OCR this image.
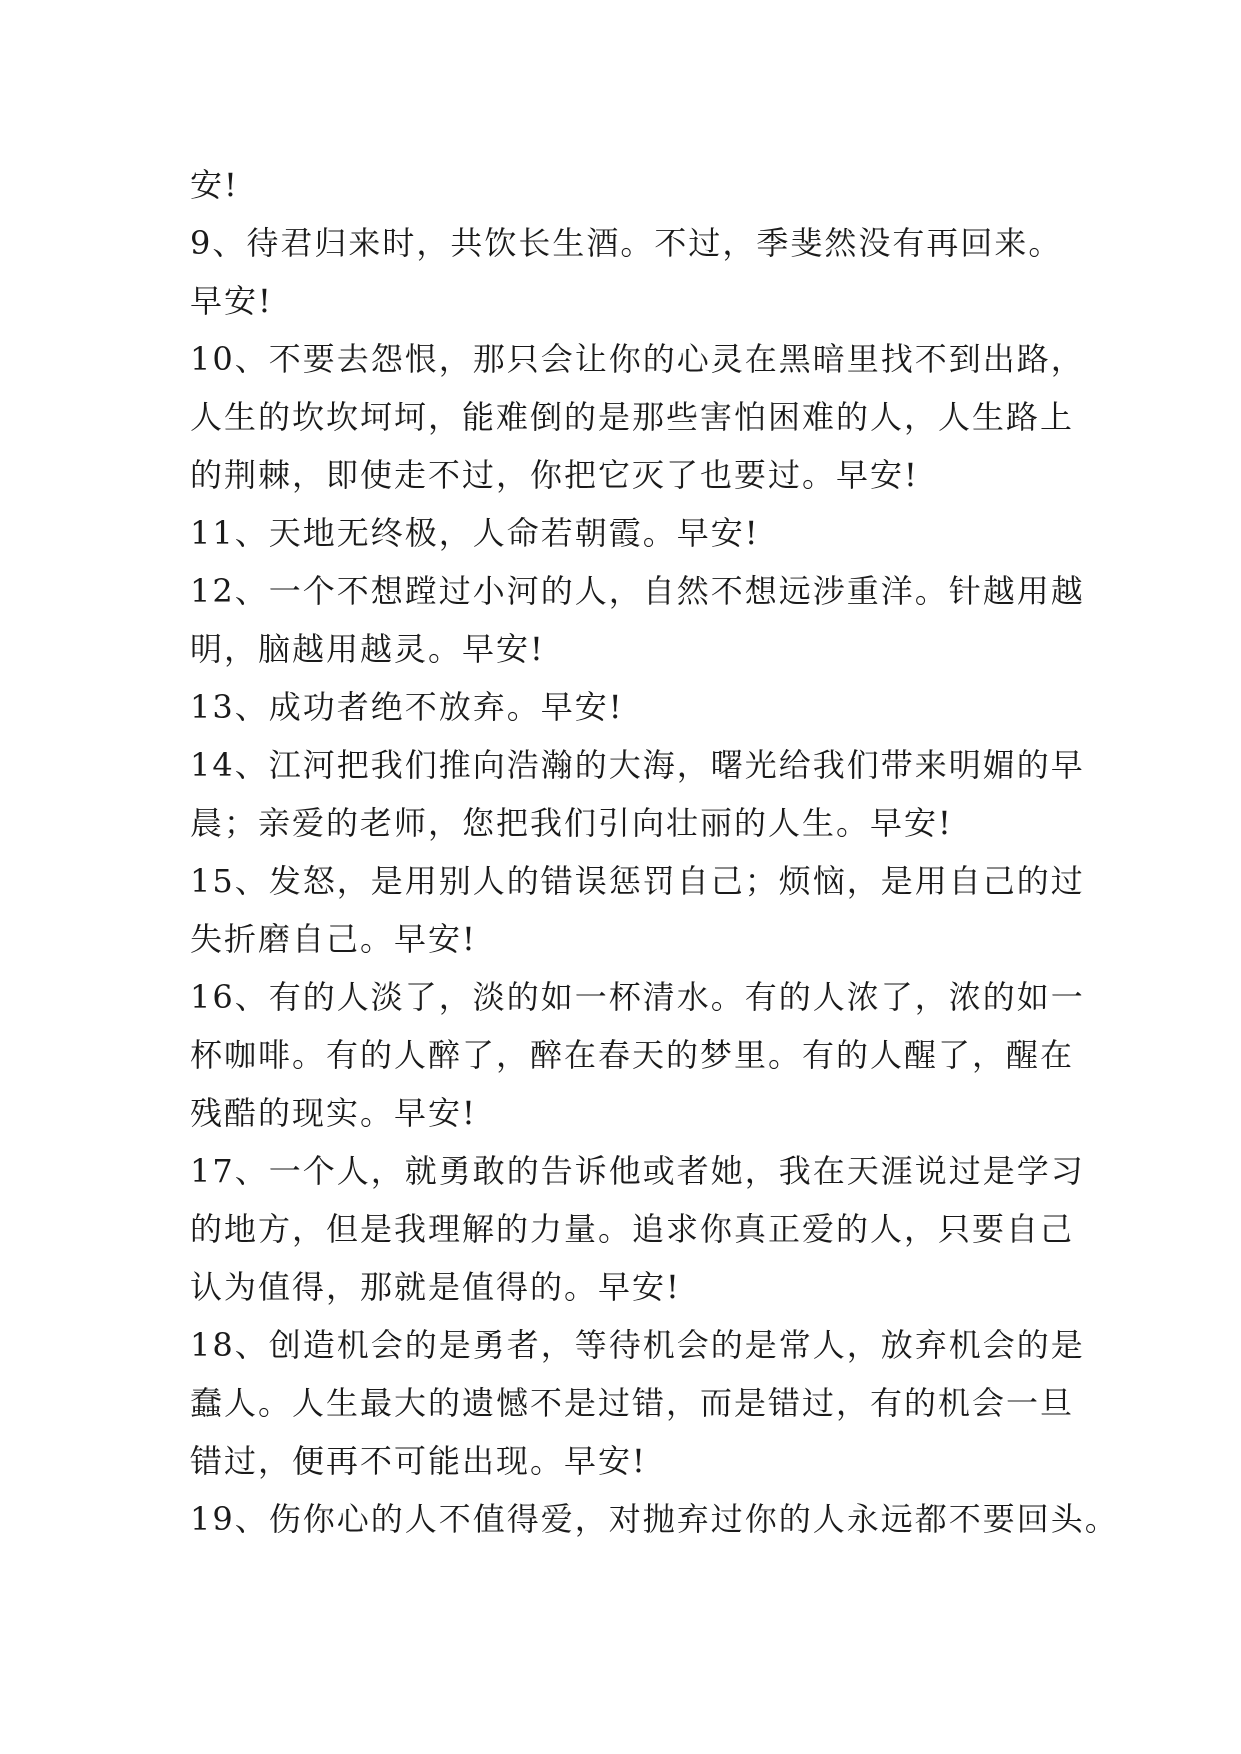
安!
9、待君归来时，共饮长生酒。不过，季斐然没有再回来。
早安!
10、不要去怨恨，那只会让你的心灵在黑暗里找不到出路，
人生的坎坎坷坷，能难倒的是那些害怕困难的人，人生路上
的荆棘，即使走不过，你把它灭了也要过。早安!
11、天地无终极，人命若朝霞。早安!
12、一个不想蹚过小河的人，自然不想远涉重洋。针越用越
明，脑越用越灵。早安!
13、成功者绝不放弃。早安!
14、江河把我们推向浩瀚的大海，曙光给我们带来明媚的早
晨；亲爱的老师，您把我们引向壮丽的人生。早安!
15、发怒，是用别人的错误惩罚自己；烦恼，是用自己的过
失折磨自己。早安!
16、有的人淡了，淡的如一杯清水。有的人浓了，浓的如一
杯咖啡。有的人醉了，醉在春天的梦里。有的人醒了，醒在
残酷的现实。早安!
17、一个人，就勇敢的告诉他或者她，我在天涯说过是学习
的地方，但是我理解的力量。追求你真正爱的人，只要自己
认为值得，那就是值得的。早安!
18、创造机会的是勇者，等待机会的是常人，放弃机会的是
蠢人。人生最大的遗憾不是过错，而是错过，有的机会一旦
错过，便再不可能出现。早安!
19、伤你心的人不值得爱，对抛弃过你的人永远都不要回头。
